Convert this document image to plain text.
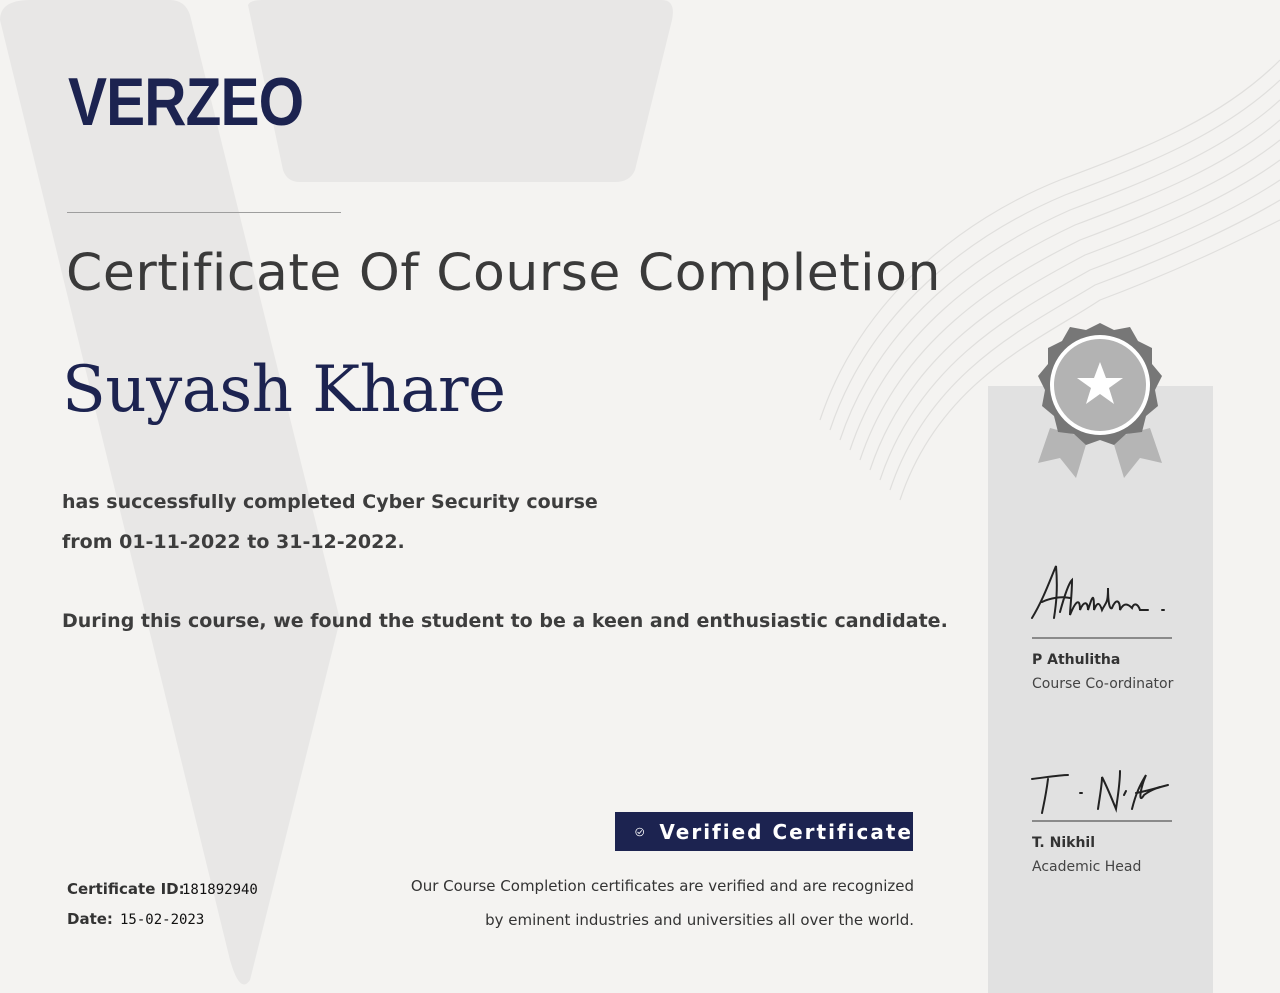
VERZEO
Certificate Of Course Completion
Suyash Khare
has successfully completed Cyber Security course
from 01-11-2022 to 31-12-2022.
During this course, we found the student to be a keen and enthusiastic candidate.
P Athulitha
Course Co-ordinator
T. Nikhil
Academic Head
Verified Certificate
Our Course Completion certificates are verified and are recognized
by eminent industries and universities all over the world.
Certificate ID:
181892940
Date: 15-02-2023
